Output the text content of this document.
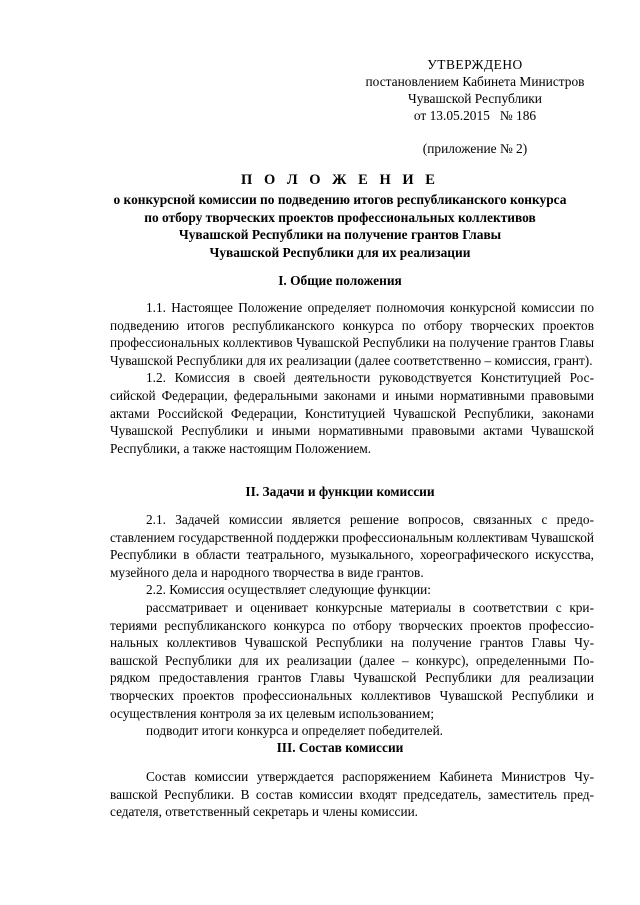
УТВЕРЖДЕНО
постановлением Кабинета Министров
Чувашской Республики
от 13.05.2015   № 186
(приложение № 2)
П О Л О Ж Е Н И Е
о конкурсной комиссии по подведению итогов республиканского конкурса
по отбору творческих проектов профессиональных коллективов
Чувашской Республики на получение грантов Главы
Чувашской Республики для их реализации
I. Общие положения

1.1. Настоящее Положение определяет полномочия конкурсной комиссии по подведению итогов республиканского конкурса по отбору творческих проектов профессиональных коллективов Чувашской Республики на получение грантов Главы Чувашской Республики для их реализации (далее соответственно – комиссия, грант).

1.2. Комиссия в своей деятельности руководствуется Конституцией Российской Федерации, федеральными законами и иными нормативными правовыми актами Российской Федерации, Конституцией Чувашской Республики, законами Чувашской Республики и иными нормативными правовыми актами Чувашской Республики, а также настоящим Положением.

II. Задачи и функции комиссии

2.1. Задачей комиссии является решение вопросов, связанных с предоставлением государственной поддержки профессиональным коллективам Чувашской Республики в области театрального, музыкального, хореографического искусства, музейного дела и народного творчества в виде грантов.

2.2. Комиссия осуществляет следующие функции:

рассматривает и оценивает конкурсные материалы в соответствии с критериями республиканского конкурса по отбору творческих проектов профессиональных коллективов Чувашской Республики на получение грантов Главы Чувашской Республики для их реализации (далее – конкурс), определенными Порядком предоставления грантов Главы Чувашской Республики для реализации творческих проектов профессиональных коллективов Чувашской Республики и осуществления контроля за их целевым использованием;

подводит итоги конкурса и определяет победителей.

III. Состав комиссии

Состав комиссии утверждается распоряжением Кабинета Министров Чувашской Республики. В состав комиссии входят председатель, заместитель председателя, ответственный секретарь и члены комиссии.
